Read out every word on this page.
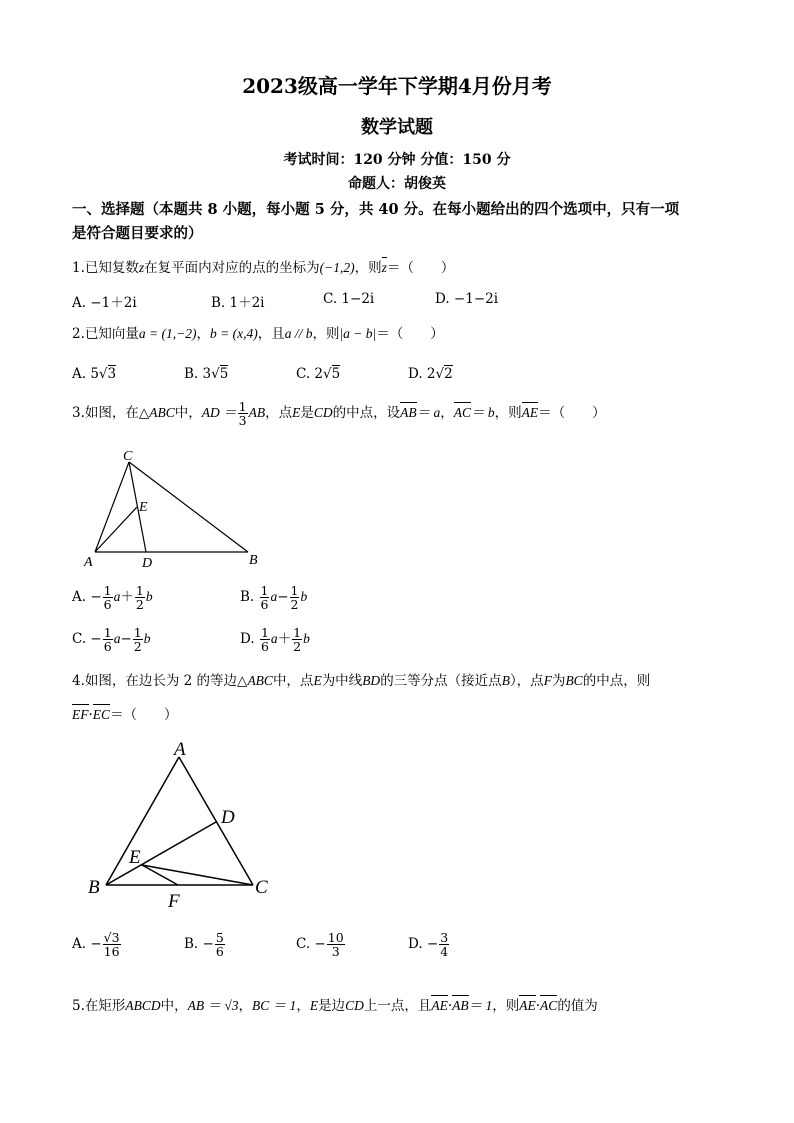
2023级高一学年下学期4月份月考
数学试题
考试时间：120 分钟 分值：150 分
命题人：胡俊英
一、选择题（本题共 8 小题，每小题 5 分，共 40 分。在每小题给出的四个选项中，只有一项
是符合题目要求的）
1.已知复数z在复平面内对应的点的坐标为(−1,2)，则z＝（　　）
A. −1＋2i	B. 1＋2i	C. 1−2i	D. −1−2i
2.已知向量a = (1,−2)，b = (x,4)，且a // b，则|a − b|＝（　　）
A. 5√3	B. 3√5	C. 2√5	D. 2√2
3.如图，在△ABC中，AD ＝ $\frac{1}{3}$ AB，点E是CD的中点，设AB＝ a，AC＝ b，则AE＝（　　）
A	B
C
D
E
A. − $\frac{1}{6} a+ \frac{1}{2}$ b	B. $\frac{1}{6} a- \frac{1}{2}$ b
C. − $\frac{1}{6} a- \frac{1}{2}$ b	D. $\frac{1}{6} a+ \frac{1}{2}$ b
4.如图，在边长为 2 的等边△ABC中，点E为中线BD的三等分点（接近点B），点F为BC的中点，则
EF·EC＝（　　）
A
B	C
D
E
F
A. − $\frac{√3}{16}$	B. − $\frac{5}{6}$	C. − $\frac{10}{3}$	D. − $\frac{3}{4}$
5.在矩形ABCD中，AB ＝ √3，BC ＝ 1，E是边CD上一点，且AE·AB＝ 1，则AE·AC的值为
